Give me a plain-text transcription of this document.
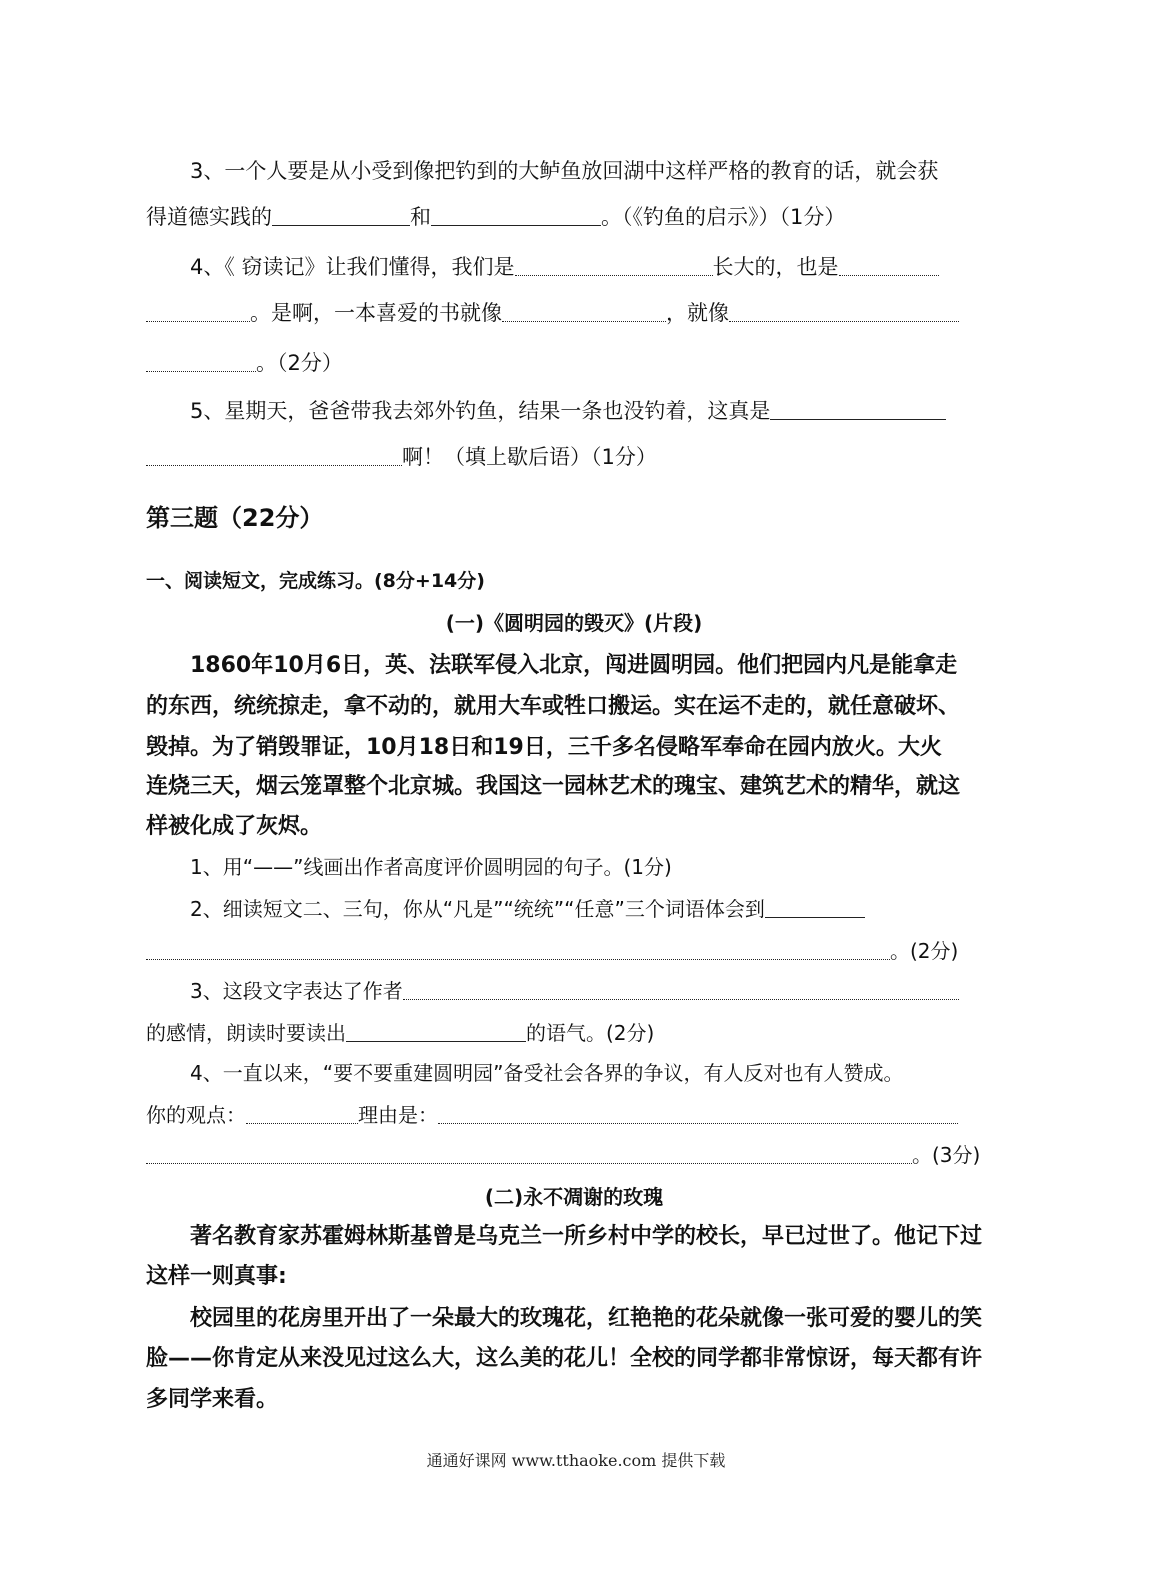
3、一个人要是从小受到像把钓到的大鲈鱼放回湖中这样严格的教育的话，就会获
得道德实践的	和	。（《钓鱼的启示》）（1分）
4、《 窃读记》让我们懂得，我们是	长大的，也是
。是啊，一本喜爱的书就像	，就像
。（2分）
5、星期天，爸爸带我去郊外钓鱼，结果一条也没钓着，这真是
啊！（填上歇后语）（1分）
第三题（22分）
一、阅读短文，完成练习。(8分+14分)
(一)《圆明园的毁灭》(片段)
1860年10月6日，英、法联军侵入北京，闯进圆明园。他们把园内凡是能拿走
的东西，统统掠走，拿不动的，就用大车或牲口搬运。实在运不走的，就任意破坏、
毁掉。为了销毁罪证，10月18日和19日，三千多名侵略军奉命在园内放火。大火
连烧三天，烟云笼罩整个北京城。我国这一园林艺术的瑰宝、建筑艺术的精华，就这
样被化成了灰烬。
1、用“——”线画出作者高度评价圆明园的句子。(1分)
2、细读短文二、三句，你从“凡是”“统统”“任意”三个词语体会到
。(2分)
3、这段文字表达了作者
的感情，朗读时要读出	的语气。(2分)
4、一直以来，“要不要重建圆明园”备受社会各界的争议，有人反对也有人赞成。
你的观点：	理由是：
。(3分)
(二)永不凋谢的玫瑰
著名教育家苏霍姆林斯基曾是乌克兰一所乡村中学的校长，早已过世了。他记下过
这样一则真事:
校园里的花房里开出了一朵最大的玫瑰花，红艳艳的花朵就像一张可爱的婴儿的笑
脸——你肯定从来没见过这么大，这么美的花儿！全校的同学都非常惊讶，每天都有许
多同学来看。
通通好课网 www.tthaoke.com 提供下载
